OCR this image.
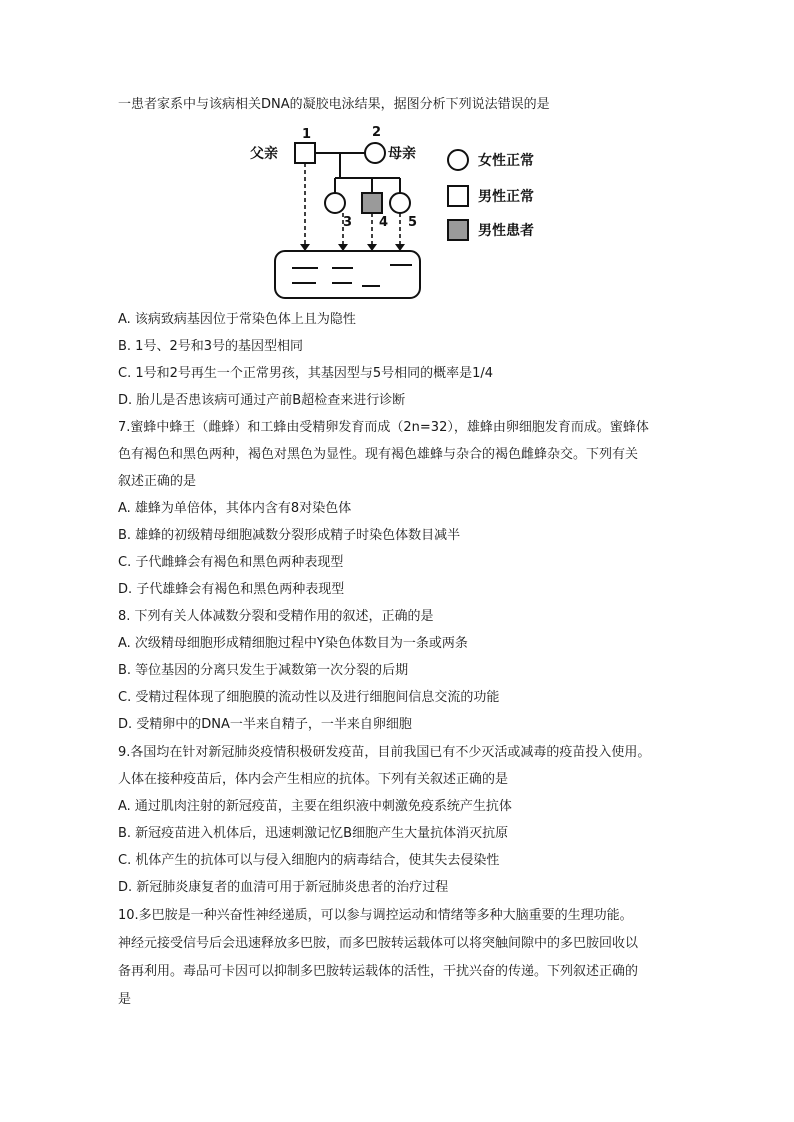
一患者家系中与该病相关DNA的凝胶电泳结果，据图分析下列说法错误的是
父亲
1	2
母亲
3 4 5
女性正常
男性正常
男性患者
A. 该病致病基因位于常染色体上且为隐性
B. 1号、2号和3号的基因型相同
C. 1号和2号再生一个正常男孩，其基因型与5号相同的概率是1/4
D. 胎儿是否患该病可通过产前B超检查来进行诊断
7.蜜蜂中蜂王（雌蜂）和工蜂由受精卵发育而成（2n=32），雄蜂由卵细胞发育而成。蜜蜂体
色有褐色和黑色两种，褐色对黑色为显性。现有褐色雄蜂与杂合的褐色雌蜂杂交。下列有关
叙述正确的是
A. 雄蜂为单倍体，其体内含有8对染色体
B. 雄蜂的初级精母细胞减数分裂形成精子时染色体数目减半
C. 子代雌蜂会有褐色和黑色两种表现型
D. 子代雄蜂会有褐色和黑色两种表现型
8. 下列有关人体减数分裂和受精作用的叙述，正确的是
A. 次级精母细胞形成精细胞过程中Y染色体数目为一条或两条
B. 等位基因的分离只发生于减数第一次分裂的后期
C. 受精过程体现了细胞膜的流动性以及进行细胞间信息交流的功能
D. 受精卵中的DNA一半来自精子，一半来自卵细胞
9.各国均在针对新冠肺炎疫情积极研发疫苗，目前我国已有不少灭活或减毒的疫苗投入使用。
人体在接种疫苗后，体内会产生相应的抗体。下列有关叙述正确的是
A. 通过肌肉注射的新冠疫苗，主要在组织液中刺激免疫系统产生抗体
B. 新冠疫苗进入机体后，迅速刺激记忆B细胞产生大量抗体消灭抗原
C. 机体产生的抗体可以与侵入细胞内的病毒结合，使其失去侵染性
D. 新冠肺炎康复者的血清可用于新冠肺炎患者的治疗过程
10.多巴胺是一种兴奋性神经递质，可以参与调控运动和情绪等多种大脑重要的生理功能。
神经元接受信号后会迅速释放多巴胺，而多巴胺转运载体可以将突触间隙中的多巴胺回收以
备再利用。毒品可卡因可以抑制多巴胺转运载体的活性，干扰兴奋的传递。下列叙述正确的
是
